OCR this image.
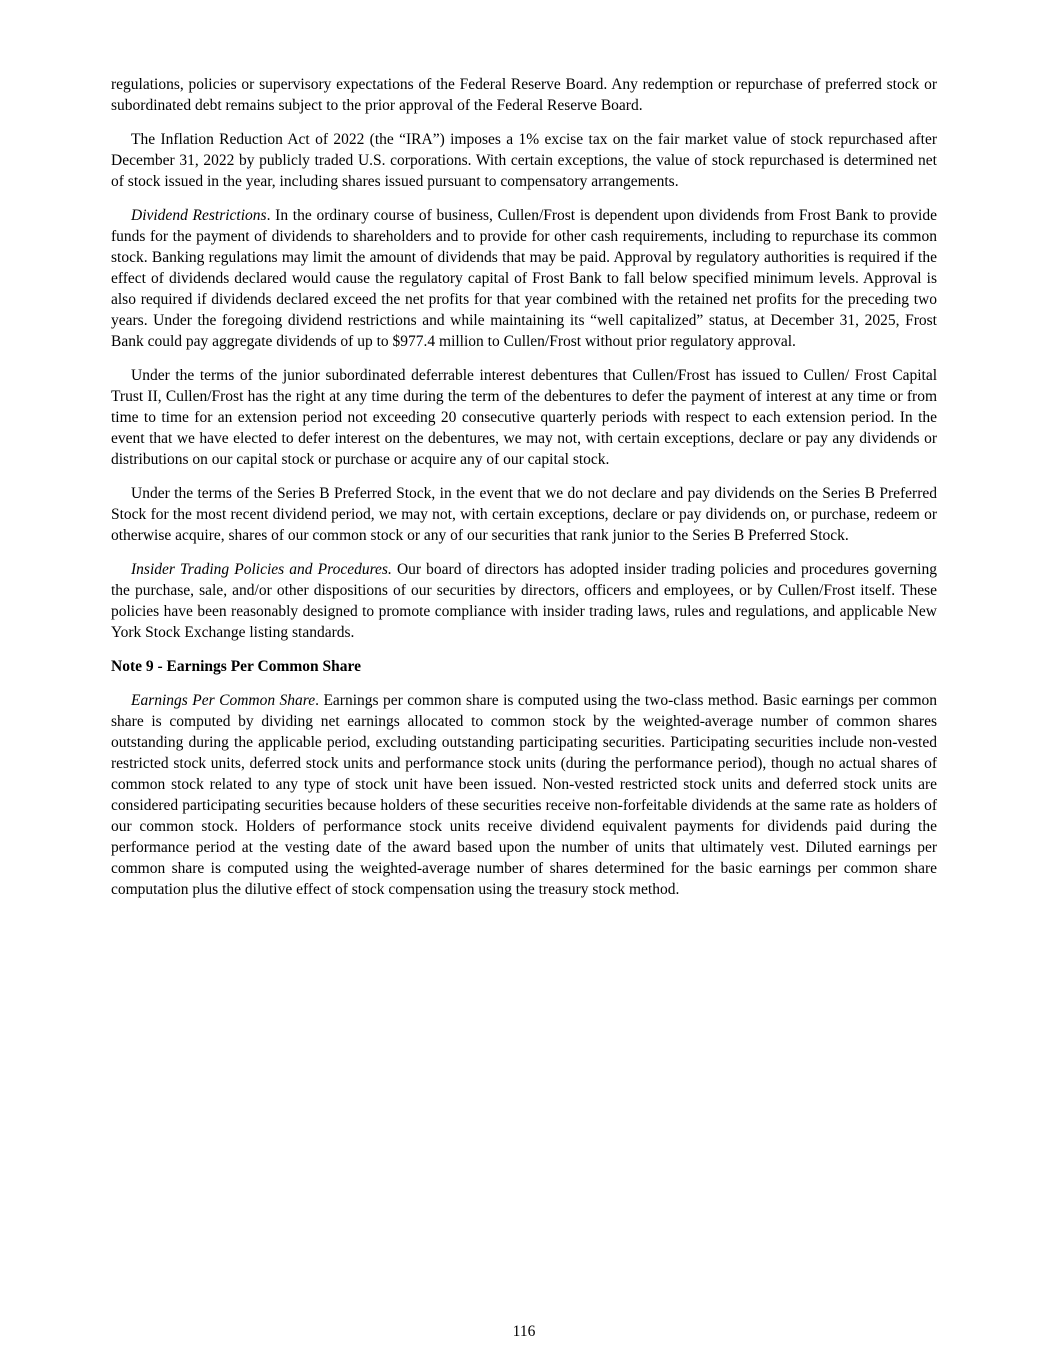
regulations, policies or supervisory expectations of the Federal Reserve Board. Any redemption or repurchase of preferred stock or subordinated debt remains subject to the prior approval of the Federal Reserve Board.

The Inflation Reduction Act of 2022 (the “IRA”) imposes a 1% excise tax on the fair market value of stock repurchased after December 31, 2022 by publicly traded U.S. corporations. With certain exceptions, the value of stock repurchased is determined net of stock issued in the year, including shares issued pursuant to compensatory arrangements.

Dividend Restrictions. In the ordinary course of business, Cullen/Frost is dependent upon dividends from Frost Bank to provide funds for the payment of dividends to shareholders and to provide for other cash requirements, including to repurchase its common stock. Banking regulations may limit the amount of dividends that may be paid. Approval by regulatory authorities is required if the effect of dividends declared would cause the regulatory capital of Frost Bank to fall below specified minimum levels. Approval is also required if dividends declared exceed the net profits for that year combined with the retained net profits for the preceding two years. Under the foregoing dividend restrictions and while maintaining its “well capitalized” status, at December 31, 2025, Frost Bank could pay aggregate dividends of up to $977.4 million to Cullen/Frost without prior regulatory approval.

Under the terms of the junior subordinated deferrable interest debentures that Cullen/Frost has issued to Cullen/ Frost Capital Trust II, Cullen/Frost has the right at any time during the term of the debentures to defer the payment of interest at any time or from time to time for an extension period not exceeding 20 consecutive quarterly periods with respect to each extension period. In the event that we have elected to defer interest on the debentures, we may not, with certain exceptions, declare or pay any dividends or distributions on our capital stock or purchase or acquire any of our capital stock.

Under the terms of the Series B Preferred Stock, in the event that we do not declare and pay dividends on the Series B Preferred Stock for the most recent dividend period, we may not, with certain exceptions, declare or pay dividends on, or purchase, redeem or otherwise acquire, shares of our common stock or any of our securities that rank junior to the Series B Preferred Stock.

Insider Trading Policies and Procedures. Our board of directors has adopted insider trading policies and procedures governing the purchase, sale, and/or other dispositions of our securities by directors, officers and employees, or by Cullen/Frost itself. These policies have been reasonably designed to promote compliance with insider trading laws, rules and regulations, and applicable New York Stock Exchange listing standards.

Note 9 - Earnings Per Common Share

Earnings Per Common Share. Earnings per common share is computed using the two-class method. Basic earnings per common share is computed by dividing net earnings allocated to common stock by the weighted-average number of common shares outstanding during the applicable period, excluding outstanding participating securities. Participating securities include non-vested restricted stock units, deferred stock units and performance stock units (during the performance period), though no actual shares of common stock related to any type of stock unit have been issued. Non-vested restricted stock units and deferred stock units are considered participating securities because holders of these securities receive non-forfeitable dividends at the same rate as holders of our common stock. Holders of performance stock units receive dividend equivalent payments for dividends paid during the performance period at the vesting date of the award based upon the number of units that ultimately vest. Diluted earnings per common share is computed using the weighted-average number of shares determined for the basic earnings per common share computation plus the dilutive effect of stock compensation using the treasury stock method.

116
